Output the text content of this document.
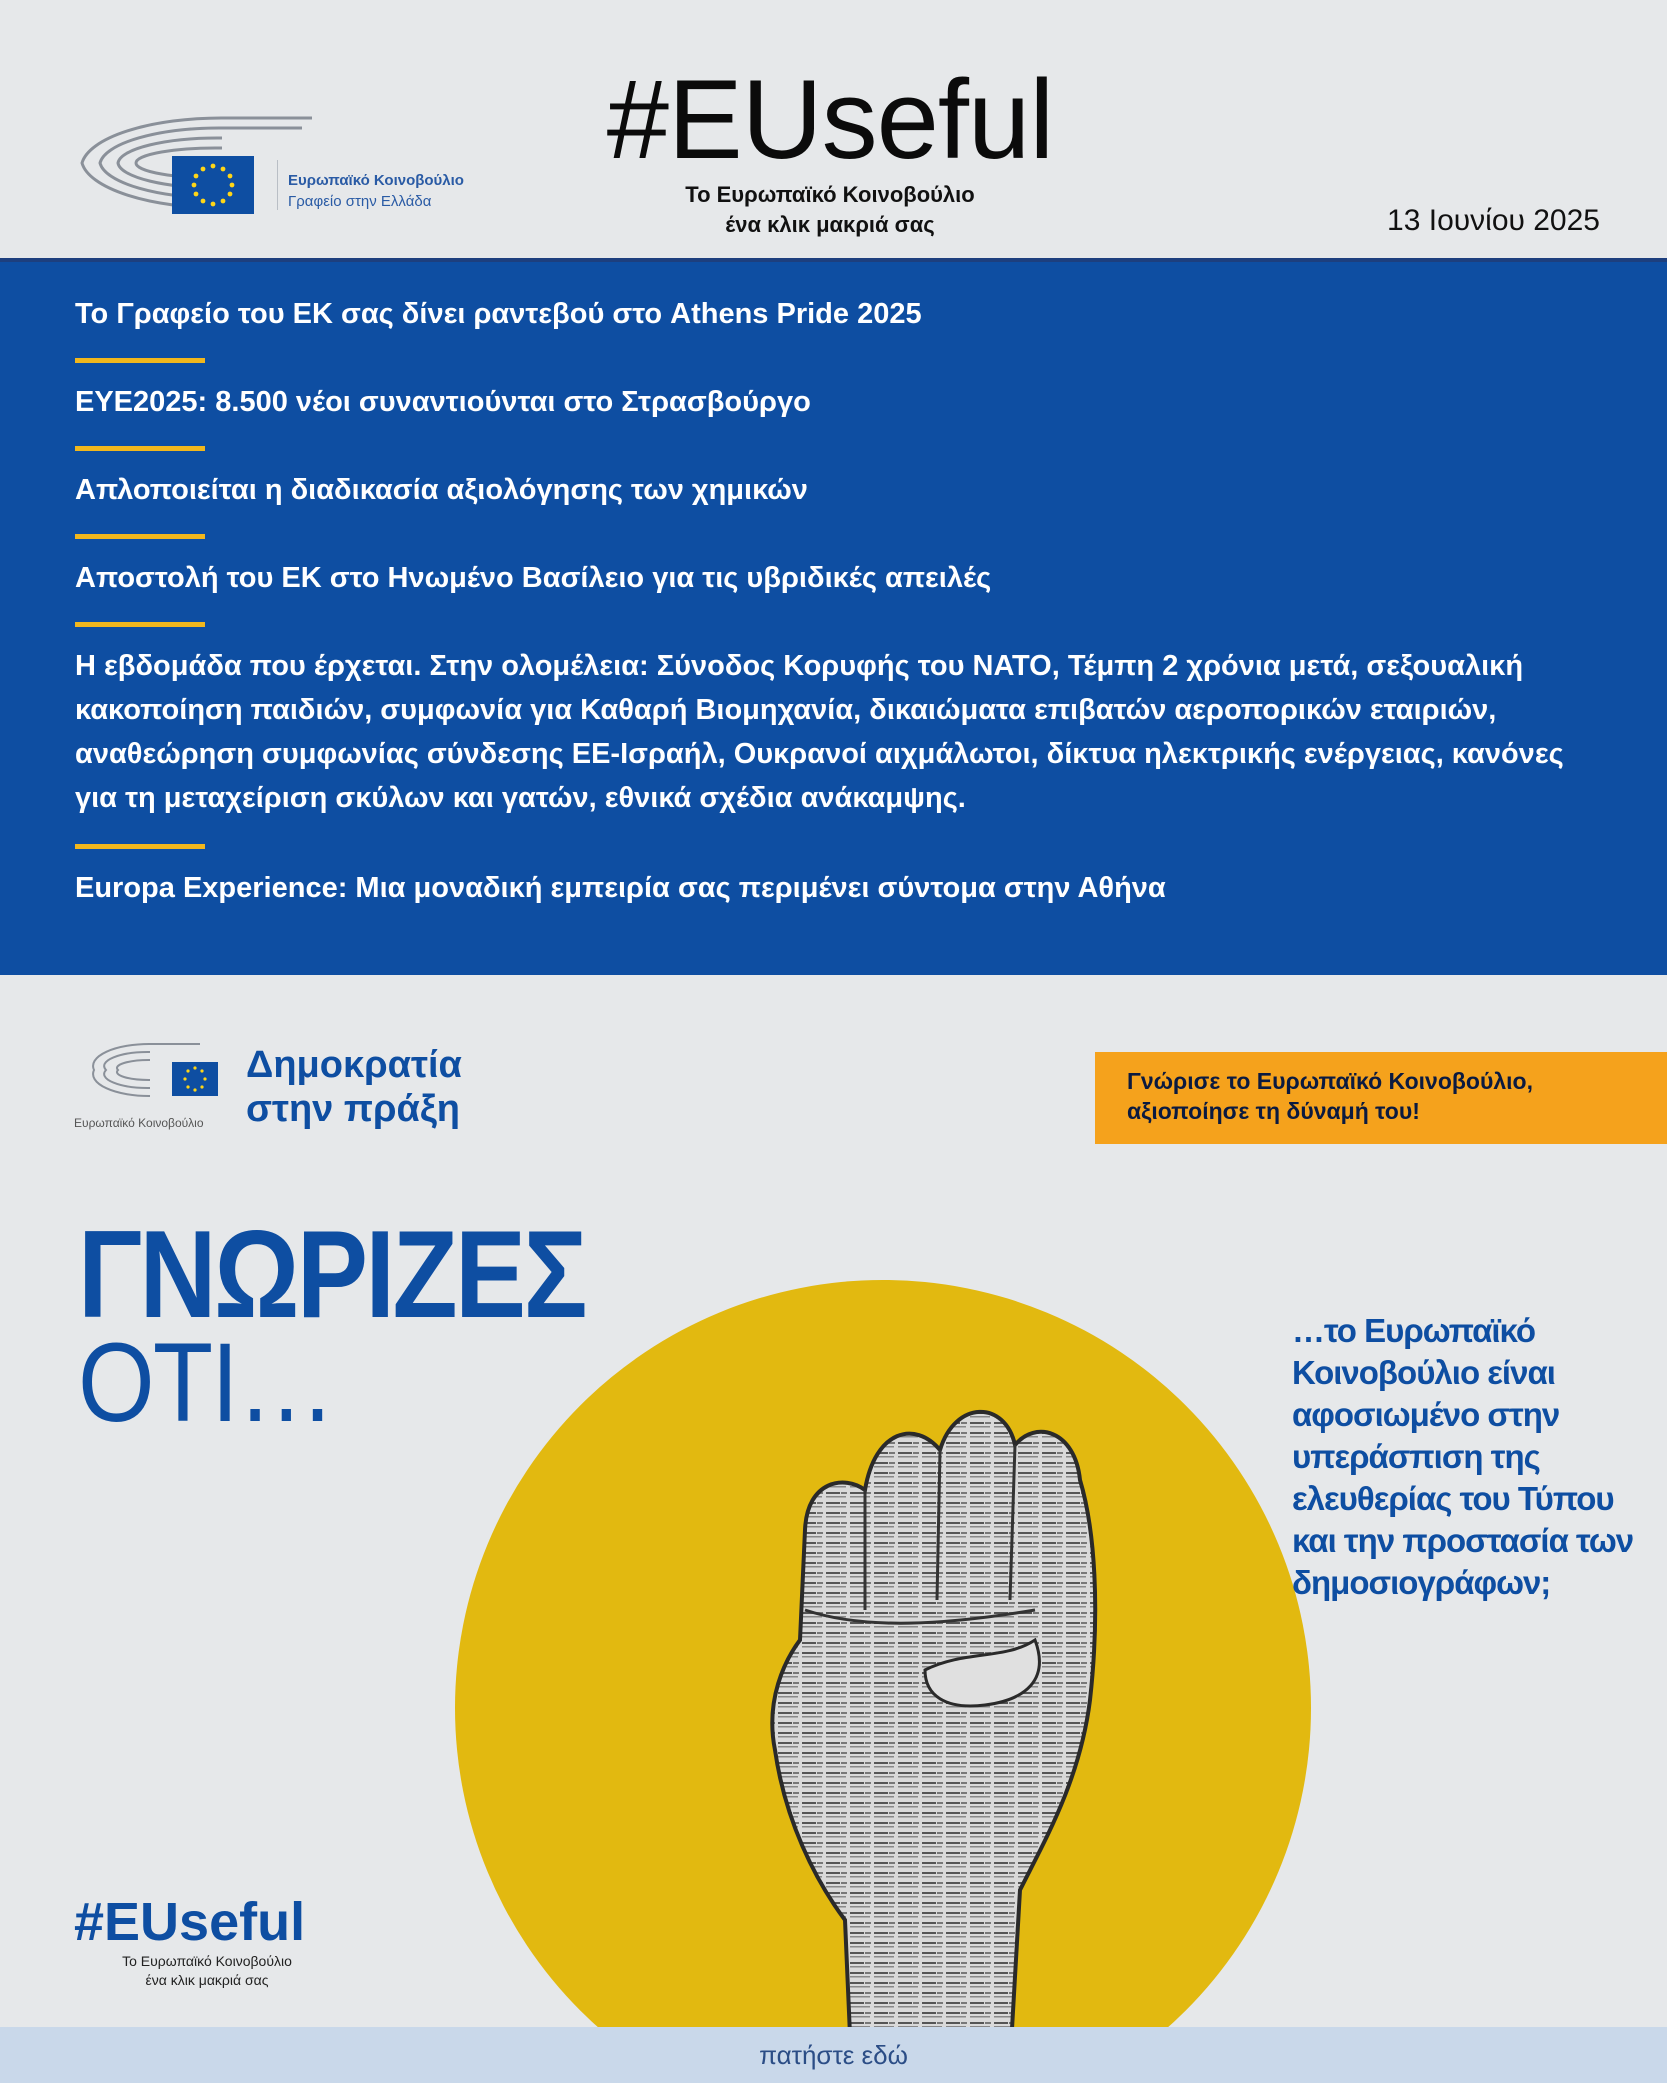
Ευρωπαϊκό Κοινοβούλιο
Γραφείο στην Ελλάδα
#EUseful
Το Ευρωπαϊκό Κοινοβούλιο
ένα κλικ μακριά σας	13 Ιουνίου 2025
Το Γραφείο του ΕΚ σας δίνει ραντεβού στο Athens Pride 2025
EYE2025: 8.500 νέοι συναντιούνται στο Στρασβούργο
Απλοποιείται η διαδικασία αξιολόγησης των χημικών
Αποστολή του ΕΚ στο Ηνωμένο Βασίλειο για τις υβριδικές απειλές
Η εβδομάδα που έρχεται. Στην ολομέλεια: Σύνοδος Κορυφής του ΝΑΤΟ, Τέμπη 2 χρόνια μετά, σεξουαλική κακοποίηση παιδιών, συμφωνία για Καθαρή Βιομηχανία, δικαιώματα επιβατών αεροπορικών εταιριών, αναθεώρηση συμφωνίας σύνδεσης ΕΕ-Ισραήλ, Ουκρανοί αιχμάλωτοι, δίκτυα ηλεκτρικής ενέργειας, κανόνες για τη μεταχείριση σκύλων και γατών, εθνικά σχέδια ανάκαμψης.
Europa Experience: Μια μοναδική εμπειρία σας περιμένει σύντομα στην Αθήνα
Ευρωπαϊκό Κοινοβούλιο
Δημοκρατία
στην πράξη
Γνώρισε το Ευρωπαϊκό Κοινοβούλιο,
αξιοποίησε τη δύναμή του!
ΓΝΩΡΙΖΕΣ
ΟΤΙ…	…το Ευρωπαϊκό Κοινοβούλιο είναι αφοσιωμένο στην υπεράσπιση της ελευθερίας του Τύπου και την προστασία των δημοσιογράφων;
#EUseful
Το Ευρωπαϊκό Κοινοβούλιο
ένα κλικ μακριά σας
πατήστε εδώ
